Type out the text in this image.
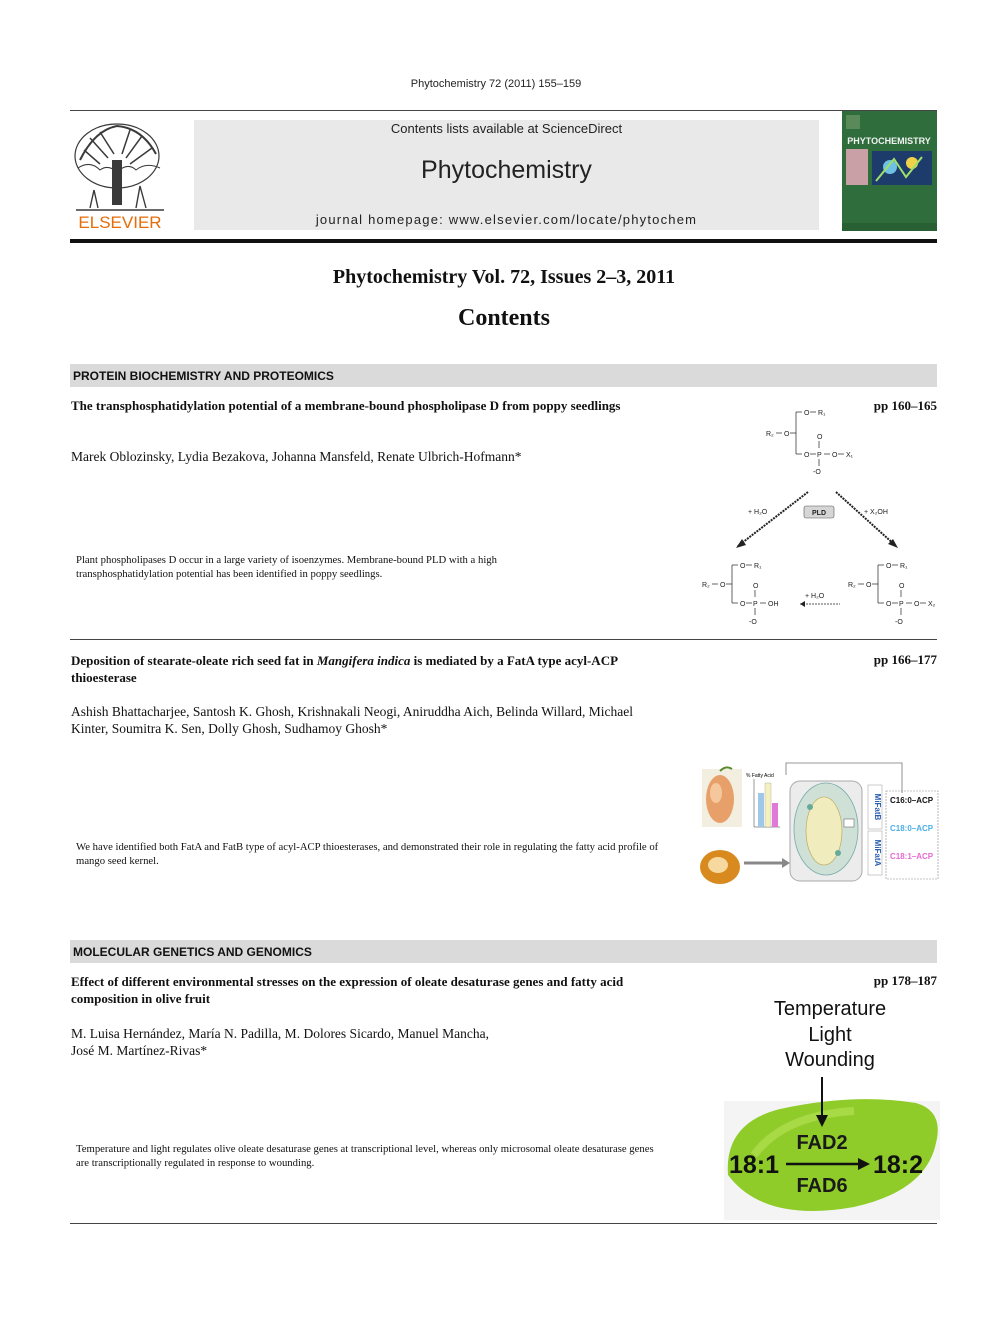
Phytochemistry 72 (2011) 155–159
ELSEVIER
Contents lists available at ScienceDirect
Phytochemistry
journal homepage: www.elsevier.com/locate/phytochem
PHYTOCHEMISTRY
Phytochemistry Vol. 72, Issues 2–3, 2011
Contents
PROTEIN BIOCHEMISTRY AND PROTEOMICS
The transphosphatidylation potential of a membrane-bound phospholipase D from poppy seedlings	pp 160–165
Marek Oblozinsky, Lydia Bezakova, Johanna Mansfeld, Renate Ulbrich-Hofmann*
Plant phospholipases D occur in a large variety of isoenzymes. Membrane-bound PLD with a high transphosphatidylation potential has been identified in poppy seedlings.
O R₁
R₂ O
O P
O
-O
O X₁
+ H₂O	+ X₂OH
PLD
O R₁
R₂ O
O P
O
-O
OH
+ H₂O
O R₁
R₂ O
O P
O
-O
O X₂
Deposition of stearate-oleate rich seed fat in Mangifera indica is mediated by a FatA type acyl-ACP thioesterase
pp 166–177
Ashish Bhattacharjee, Santosh K. Ghosh, Krishnakali Neogi, Aniruddha Aich, Belinda Willard, Michael Kinter, Soumitra K. Sen, Dolly Ghosh, Sudhamoy Ghosh*
We have identified both FatA and FatB type of acyl-ACP thioesterases, and demonstrated their role in regulating the fatty acid profile of mango seed kernel.
% Fatty Acid
MiFatB
MiFatA
C16:0–ACP
C18:0–ACP
C18:1–ACP
MOLECULAR GENETICS AND GENOMICS
Effect of different environmental stresses on the expression of oleate desaturase genes and fatty acid composition in olive fruit
pp 178–187
M. Luisa Hernández, María N. Padilla, M. Dolores Sicardo, Manuel Mancha,
José M. Martínez-Rivas*
Temperature and light regulates olive oleate desaturase genes at transcriptional level, whereas only microsomal oleate desaturase genes are transcriptionally regulated in response to wounding.
Temperature
Light
Wounding
FAD2
18:1	18:2
FAD6
